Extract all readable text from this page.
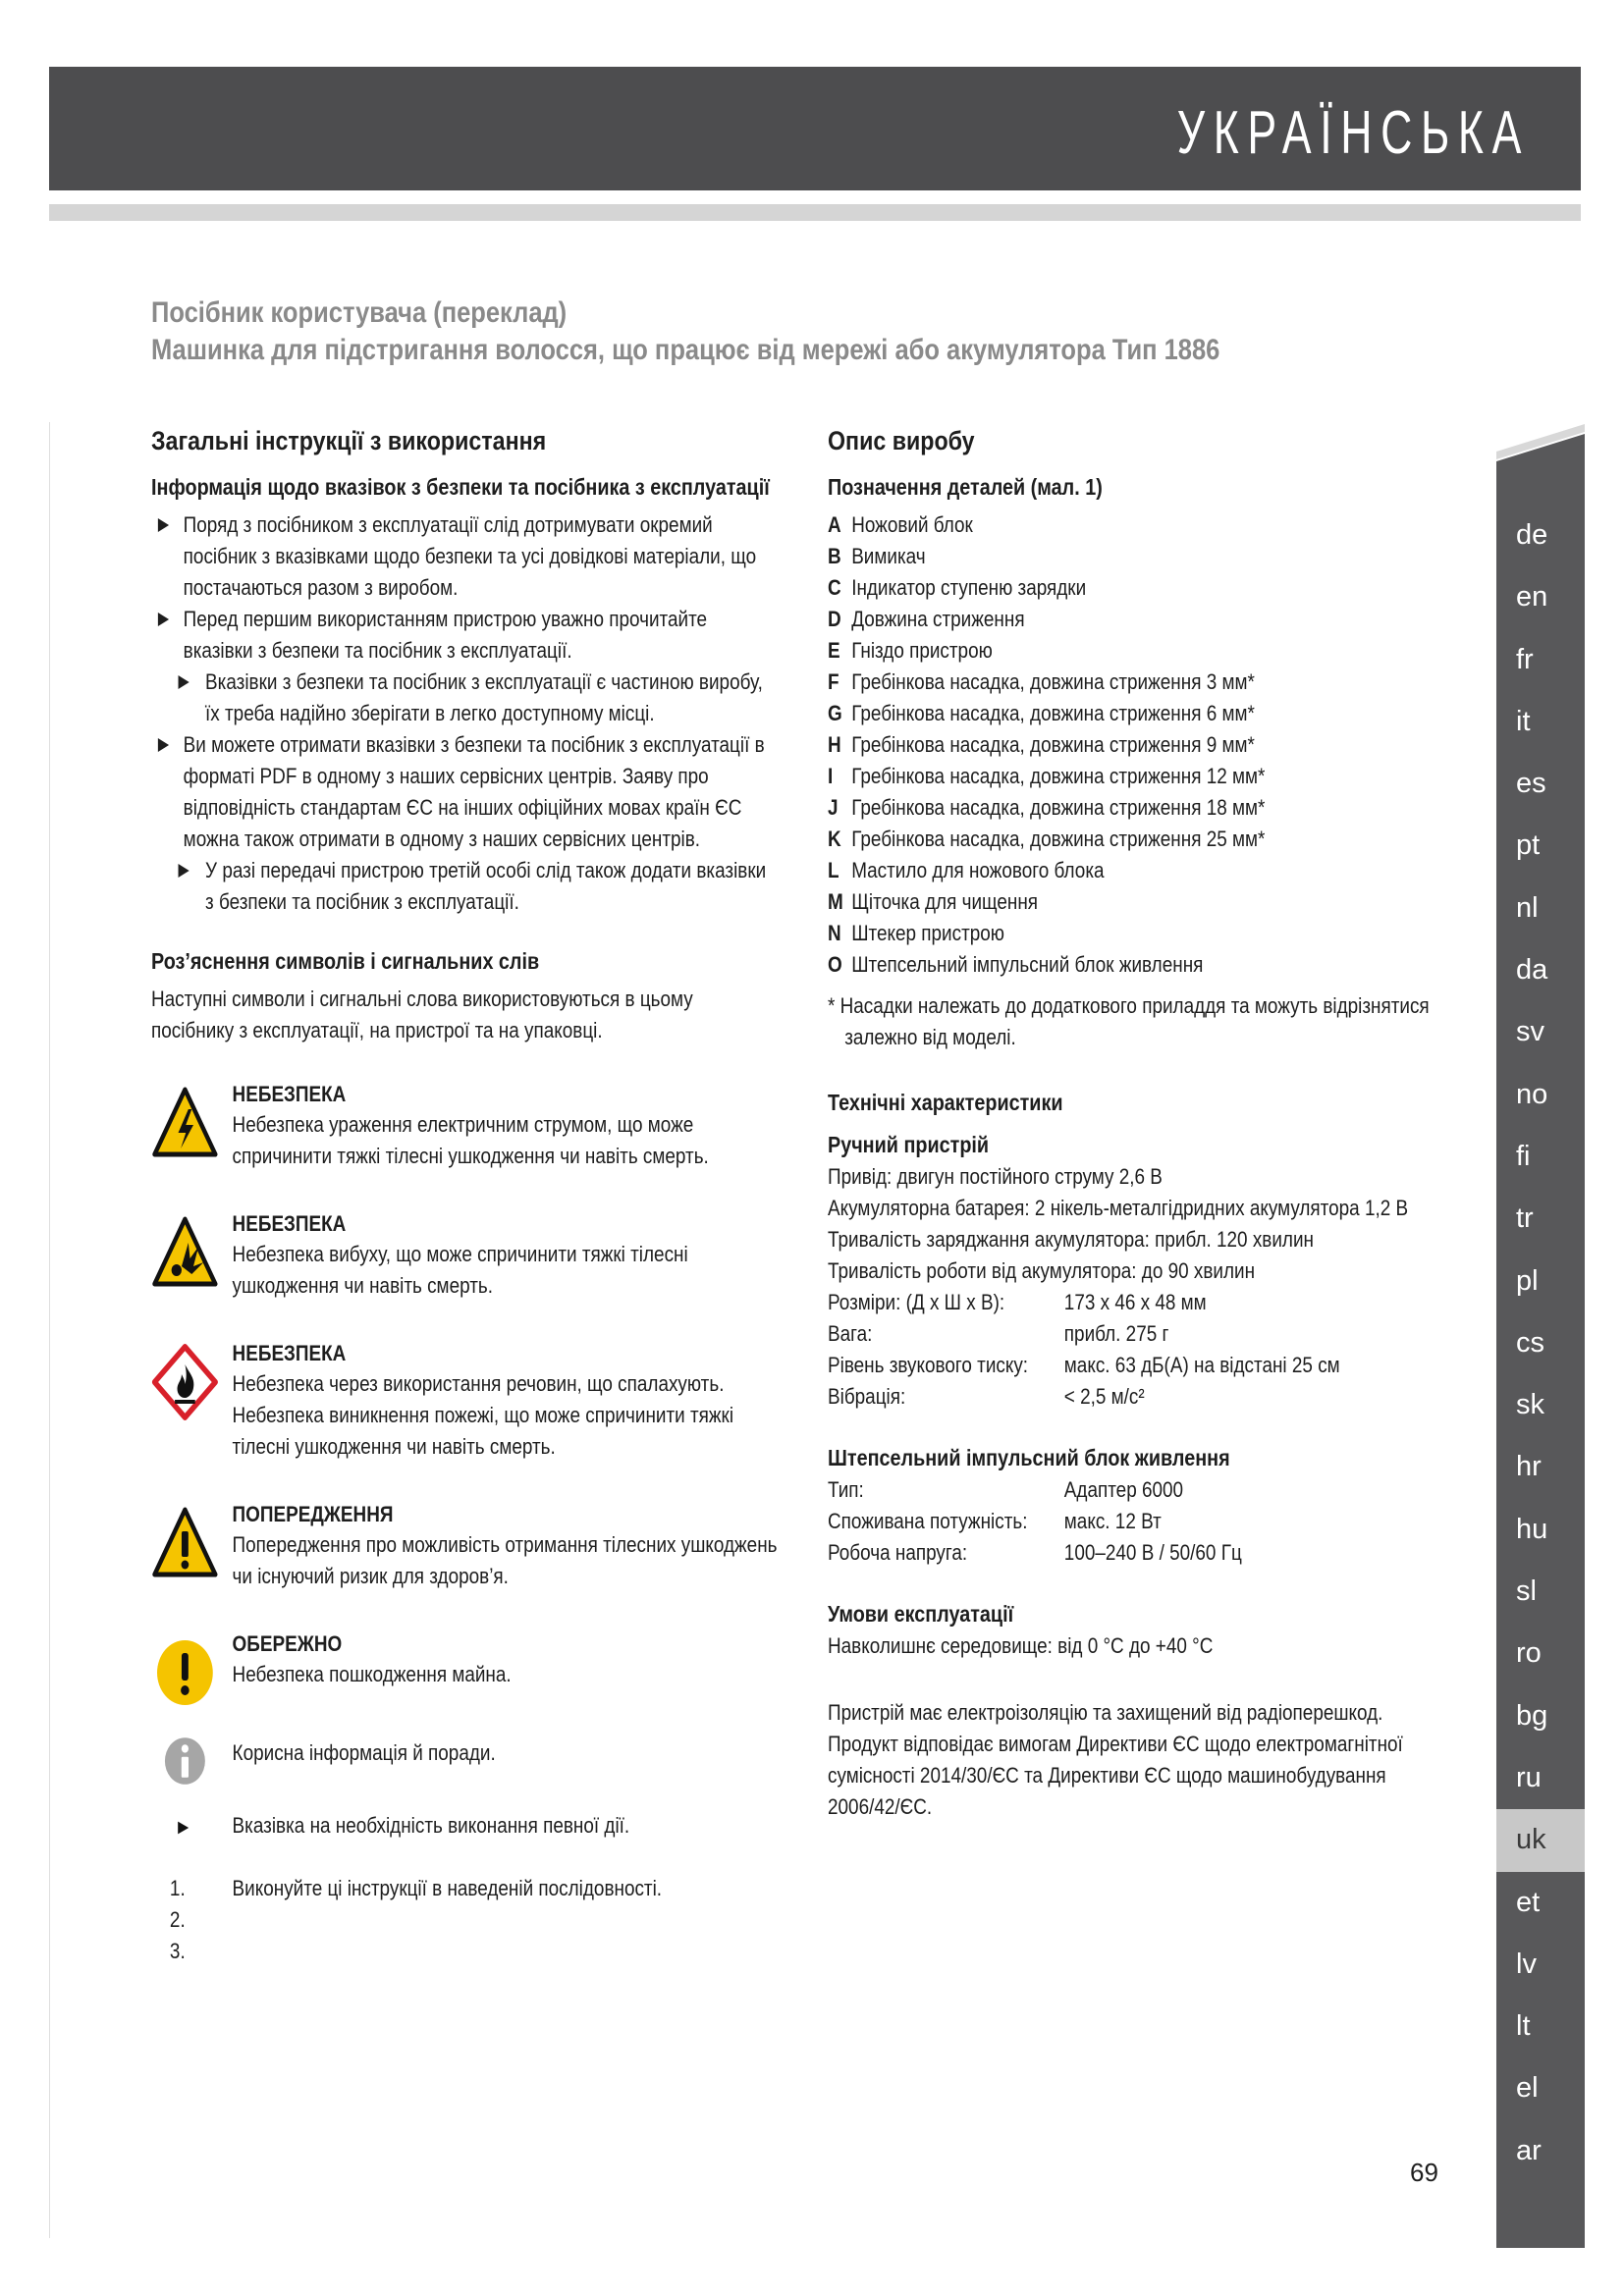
УКРАЇНСЬКА
Посібник користувача (переклад)
Машинка для підстригання волосся, що працює від мережі або акумулятора Тип 1886
Загальні інструкції з використання
Інформація щодо вказівок з безпеки та посібника з експлуатації
Поряд з посібником з експлуатації слід дотримувати окремий посібник з вказівками щодо безпеки та усі довідкові матеріали, що постачаються разом з виробом.
Перед першим використанням пристрою уважно прочитайте вказівки з безпеки та посібник з експлуатації.
Вказівки з безпеки та посібник з експлуатації є частиною виробу, їх треба надійно зберігати в легко доступному місці.
Ви можете отримати вказівки з безпеки та посібник з експлуатації в форматі PDF в одному з наших сервісних центрів. Заяву про відповідність стандартам ЄС на інших офіційних мовах країн ЄС можна також отримати в одному з наших сервісних центрів.
У разі передачі пристрою третій особі слід також додати вказівки з безпеки та посібник з експлуатації.
Роз’яснення символів і сигнальних слів

Наступні символи і сигнальні слова використовуються в цьому посібнику з експлуатації, на пристрої та на упаковці.

НЕБЕЗПЕКА
Небезпека ураження електричним струмом, що може спричинити тяжкі тілесні ушкодження чи навіть смерть.
НЕБЕЗПЕКА
Небезпека вибуху, що може спричинити тяжкі тілесні ушкодження чи навіть смерть.
НЕБЕЗПЕКА
Небезпека через використання речовин, що спалахують. Небезпека виникнення пожежі, що може спричинити тяжкі тілесні ушкодження чи навіть смерть.
ПОПЕРЕДЖЕННЯ
Попередження про можливість отримання тілесних ушкоджень чи існуючий ризик для здоров’я.
ОБЕРЕЖНО
Небезпека пошкодження майна.
Корисна інформація й поради.
Вказівка на необхідність виконання певної дії.
1.
2.
3.
Виконуйте ці інструкції в наведеній послідовності.
Опис виробу
Позначення деталей (мал. 1)
A Ножовий блок
B Вимикач
C Індикатор ступеню зарядки
D Довжина стриження
E Гніздо пристрою
F Гребінкова насадка, довжина стриження 3 мм*
G Гребінкова насадка, довжина стриження 6 мм*
H Гребінкова насадка, довжина стриження 9 мм*
I Гребінкова насадка, довжина стриження 12 мм*
J Гребінкова насадка, довжина стриження 18 мм*
K Гребінкова насадка, довжина стриження 25 мм*
L Мастило для ножового блока
M Щіточка для чищення
N Штекер пристрою
O Штепсельний імпульсний блок живлення

* Насадки належать до додаткового приладдя та можуть відрізнятися залежно від моделі.

Технічні характеристики
Ручний пристрій
Привід: двигун постійного струму 2,6 В
Акумуляторна батарея: 2 нікель-металгідридних акумулятора 1,2 В
Тривалість заряджання акумулятора: прибл. 120 хвилин
Тривалість роботи від акумулятора: до 90 хвилин
Розміри: (Д x Ш x В):	173 x 46 x 48 мм
Вага:	прибл. 275 г
Рівень звукового тиску:	макс. 63 дБ(А) на відстані 25 см
Вібрація:	< 2,5 м/с²
Штепсельний імпульсний блок живлення
Тип:	Адаптер 6000
Споживана потужність:	макс. 12 Вт
Робоча напруга:	100–240 В / 50/60 Гц
Умови експлуатації
Навколишнє середовище: від 0 °C до +40 °C

Пристрій має електроізоляцію та захищений від радіоперешкод. Продукт відповідає вимогам Директиви ЄС щодо електромагнітної сумісності 2014/30/ЄС та Директиви ЄС щодо машинобудування 2006/42/ЄС.

de
en
fr
it
es
pt
nl
da
sv
no
fi
tr
pl
cs
sk
hr
hu
sl
ro
bg
ru
uk
et
lv
lt
el
ar
69
